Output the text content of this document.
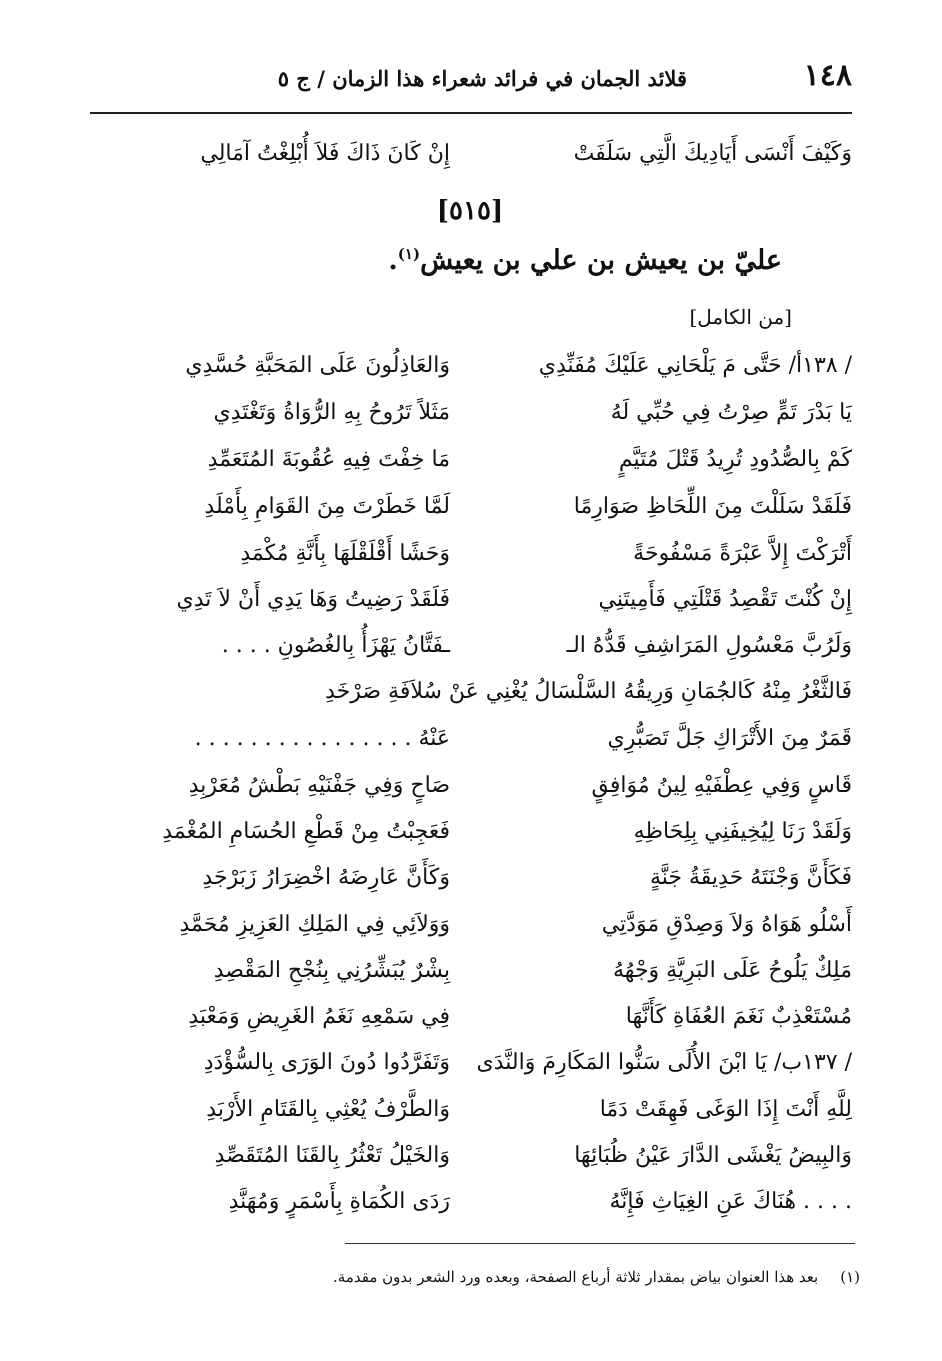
١٤٨
قلائد الجمان في فرائد شعراء هذا الزمان / ج ٥
وَكَيْفَ أَنْسَى أَيَادِيكَ الَّتِي سَلَفَتْ
إِنْ كَانَ ذَاكَ فَلاَ أُبْلِغْتُ آمَالِي
[٥١٥]
عليّ بن يعيش بن علي بن يعيش$^{(١)}$.
[من الكامل]
/ ١٣٨أ/ حَتَّى مَ يَلْحَانِي عَلَيْكَ مُفَنِّدِي
وَالعَاذِلُونَ عَلَى المَحَبَّةِ حُسَّدِي
يَا بَدْرَ تَمٍّ صِرْتُ فِي حُبِّي لَهُ
مَثَلاً تَرُوحُ بِهِ الرُّوَاةُ وَتَغْتَدِي
كَمْ بِالصُّدُودِ تُرِيدُ قَتْلَ مُتَيَّمٍ
مَا خِفْتَ فِيهِ عُقُوبَةَ المُتَعَمِّدِ
فَلَقَدْ سَلَلْتَ مِنَ اللِّحَاظِ صَوَارِمًا
لَمَّا خَطَرْتَ مِنَ القَوَامِ بِأَمْلَدِ
أَتْرَكْتَ إِلاَّ عَبْرَةً مَسْفُوحَةً
وَحَشًا أَقْلَقْلَهَا بِأَنَّةِ مُكْمَدِ
إِنْ كُنْتَ تَقْصِدُ قَتْلَتِي فَأَمِيتَنِي
فَلَقَدْ رَضِيتُ وَهَا يَدِي أَنْ لاَ تَدِي
وَلَرُبَّ مَعْسُولِ المَرَاشِفِ قَدُّهُ الـ
ـفَتَّانُ يَهْزَأُ بِالغُصُونِ . . . .
فَالثَّغْرُ مِنْهُ كَالجُمَانِ وَرِيقُهُ السَّلْسَالُ يُغْنِي عَنْ سُلاَفَةِ صَرْخَدِ
قَمَرٌ مِنَ الأَتْرَاكِ جَلَّ تَصَبُّرِي
عَنْهُ . . . . . . . . . . . . . . . .
قَاسٍ وَفِي عِطْفَيْهِ لِينُ مُوَافِقٍ
صَاحٍ وَفِي جَفْنَيْهِ بَطْشُ مُعَرْبِدِ
وَلَقَدْ رَنَا لِيُخِيفَنِي بِلِحَاظِهِ
فَعَجِبْتُ مِنْ قَطْعِ الحُسَامِ المُغْمَدِ
فَكَأَنَّ وَجْنَتَهُ حَدِيقَةُ جَنَّةٍ
وَكَأَنَّ عَارِضَهُ اخْضِرَارُ زَبَرْجَدِ
أَسْلُو هَوَاهُ وَلاَ وَصِدْقِ مَوَدَّتِي
وَوَلاَئِي فِي المَلِكِ العَزِيزِ مُحَمَّدِ
مَلِكٌ يَلُوحُ عَلَى البَرِيَّةِ وَجْهُهُ
بِشْرٌ يُبَشِّرُنِي بِنُجْحِ المَقْصِدِ
مُسْتَعْذِبٌ نَغَمَ العُفَاةِ كَأَنَّهَا
فِي سَمْعِهِ نَغَمُ الغَرِيضِ وَمَعْبَدِ
/ ١٣٧ب/ يَا ابْنَ الأُلَى سَنُّوا المَكَارِمَ وَالنَّدَى
وَتَفَرَّدُوا دُونَ الوَرَى بِالسُّؤْدَدِ
لِلَّهِ أَنْتَ إِذَا الوَغَى فَهِقَتْ دَمًا
وَالطَّرْفُ يُعْثِي بِالقَتَامِ الأَرْبَدِ
وَالبِيضُ يَغْشَى الدَّارَ عَيْنُ ظُبَائِهَا
وَالخَيْلُ تَعْثُرُ بِالقَنَا المُتَقَصِّدِ
. . . . هُنَاكَ عَنِ الغِيَاثِ فَإِنَّهُ
رَدَى الكُمَاةِ بِأَسْمَرٍ وَمُهَنَّدِ
(١)بعد هذا العنوان بياض بمقدار ثلاثة أرباع الصفحة، وبعده ورد الشعر بدون مقدمة.
